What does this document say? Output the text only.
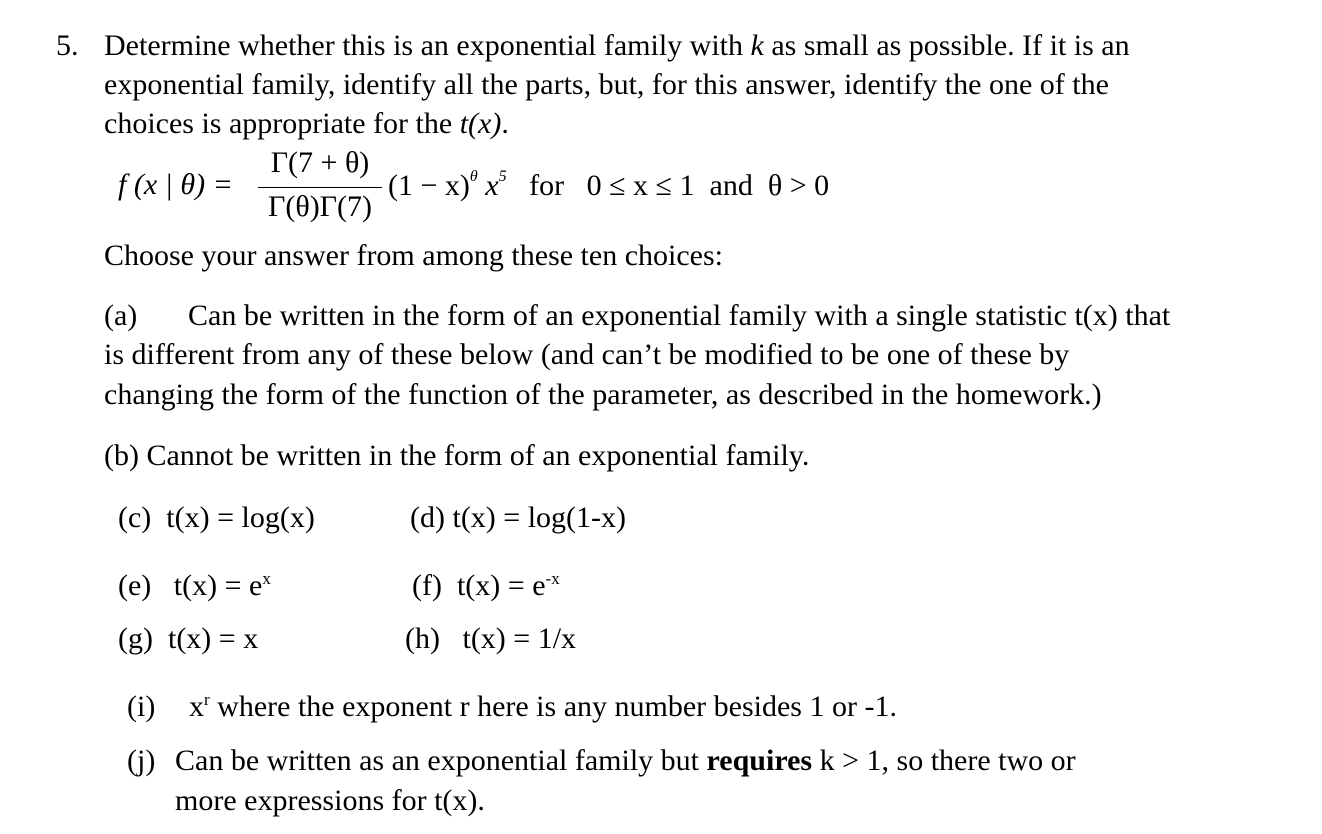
5. Determine whether this is an exponential family with k as small as possible. If it is an
exponential family, identify all the parts, but, for this answer, identify the one of the
choices is appropriate for the t(x).
f (x | θ) =
Γ(7 + θ)
Γ(θ)Γ(7)
$(1 - x)^\theta$ $x^5$   for   0 ≤ x ≤ 1  and  θ > 0
Choose your answer from among these ten choices:
(a) Can be written in the form of an exponential family with a single statistic t(x) that
is different from any of these below (and can’t be modified to be one of these by
changing the form of the function of the parameter, as described in the homework.)
(b) Cannot be written in the form of an exponential family.
(c)  t(x) = log(x)	(d) t(x) = log(1-x)
(e)   $t(x) = e^x$	(f)  $t(x) = e^{-x}$
(g)  t(x) = x	(h)   t(x) = 1/x
(i) $x^r$ where the exponent r here is any number besides 1 or -1.
(j) Can be written as an exponential family but requires k > 1, so there two or
more expressions for t(x).
